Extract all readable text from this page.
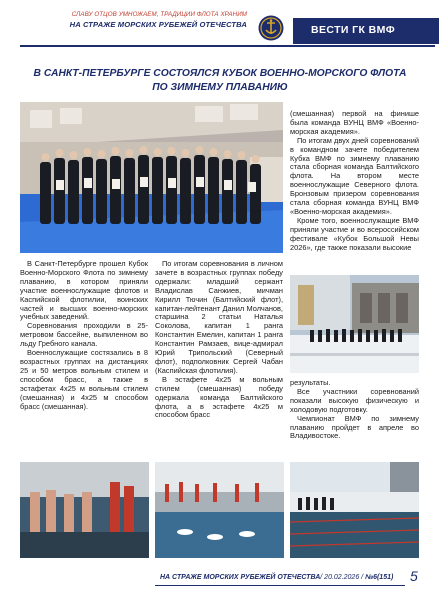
СЛАВУ ОТЦОВ УМНОЖАЕМ, ТРАДИЦИИ ФЛОТА ХРАНИМ
НА СТРАЖЕ МОРСКИХ РУБЕЖЕЙ ОТЕЧЕСТВА	ВЕСТИ ГК ВМФ
В САНКТ-ПЕТЕРБУРГЕ СОСТОЯЛСЯ КУБОК ВОЕННО-МОРСКОГО ФЛОТА ПО ЗИМНЕМУ ПЛАВАНИЮ

В Санкт-Петербурге прошел Кубок Военно-Морского Флота по зимнему плаванию, в котором приняли участие военнослужащие флотов и Каспийской флотилии, воинских частей и высших военно-морских учебных заведений.

Соревнования проходили в 25-метровом бассейне, выпиленном во льду Гребного канала.

Военнослужащие состязались в 8 возрастных группах на дистанциях 25 и 50 метров вольным стилем и способом брасс, а также в эстафетах 4х25 м вольным стилем (смешанная) и 4х25 м способом брасс (смешанная).

По итогам соревнования в личном зачете в возрастных группах победу одержали: младший сержант Владислав Санжиев, мичман Кирилл Тючин (Балтийский флот), капитан-лейтенант Данил Молчанов, старшина 2 статьи Наталья Соколова, капитан 1 ранга Константин Емелин, капитан 1 ранга Константин Рамзаев, вице-адмирал Юрий Трипольский (Северный флот), подполковник Сергей Чабан (Каспийская флотилия).

В эстафете 4х25 м вольным стилем (смешанная) победу одержала команда Балтийского флота, а в эстафете 4х25 м способом брасс

(смешанная) первой на финише была команда ВУНЦ ВМФ «Военно-морская академия».

По итогам двух дней соревнований в командном зачете победителем Кубка ВМФ по зимнему плаванию стала сборная команда Балтийского флота. На втором месте военнослужащие Северного флота. Бронзовым призером соревнования стала сборная команда ВУНЦ ВМФ «Военно-морская академия».

Кроме того, военнослужащие ВМФ приняли участие и во всероссийском фестивале «Кубок Большой Невы 2026», где также показали высокие

результаты.

Все участники соревнований показали высокую физическую и холодовую подготовку.

Чемпионат ВМФ по зимнему плаванию пройдет в апреле во Владивостоке.

НА СТРАЖЕ МОРСКИХ РУБЕЖЕЙ ОТЕЧЕСТВА/ 20.02.2026 / №6(151) 5
